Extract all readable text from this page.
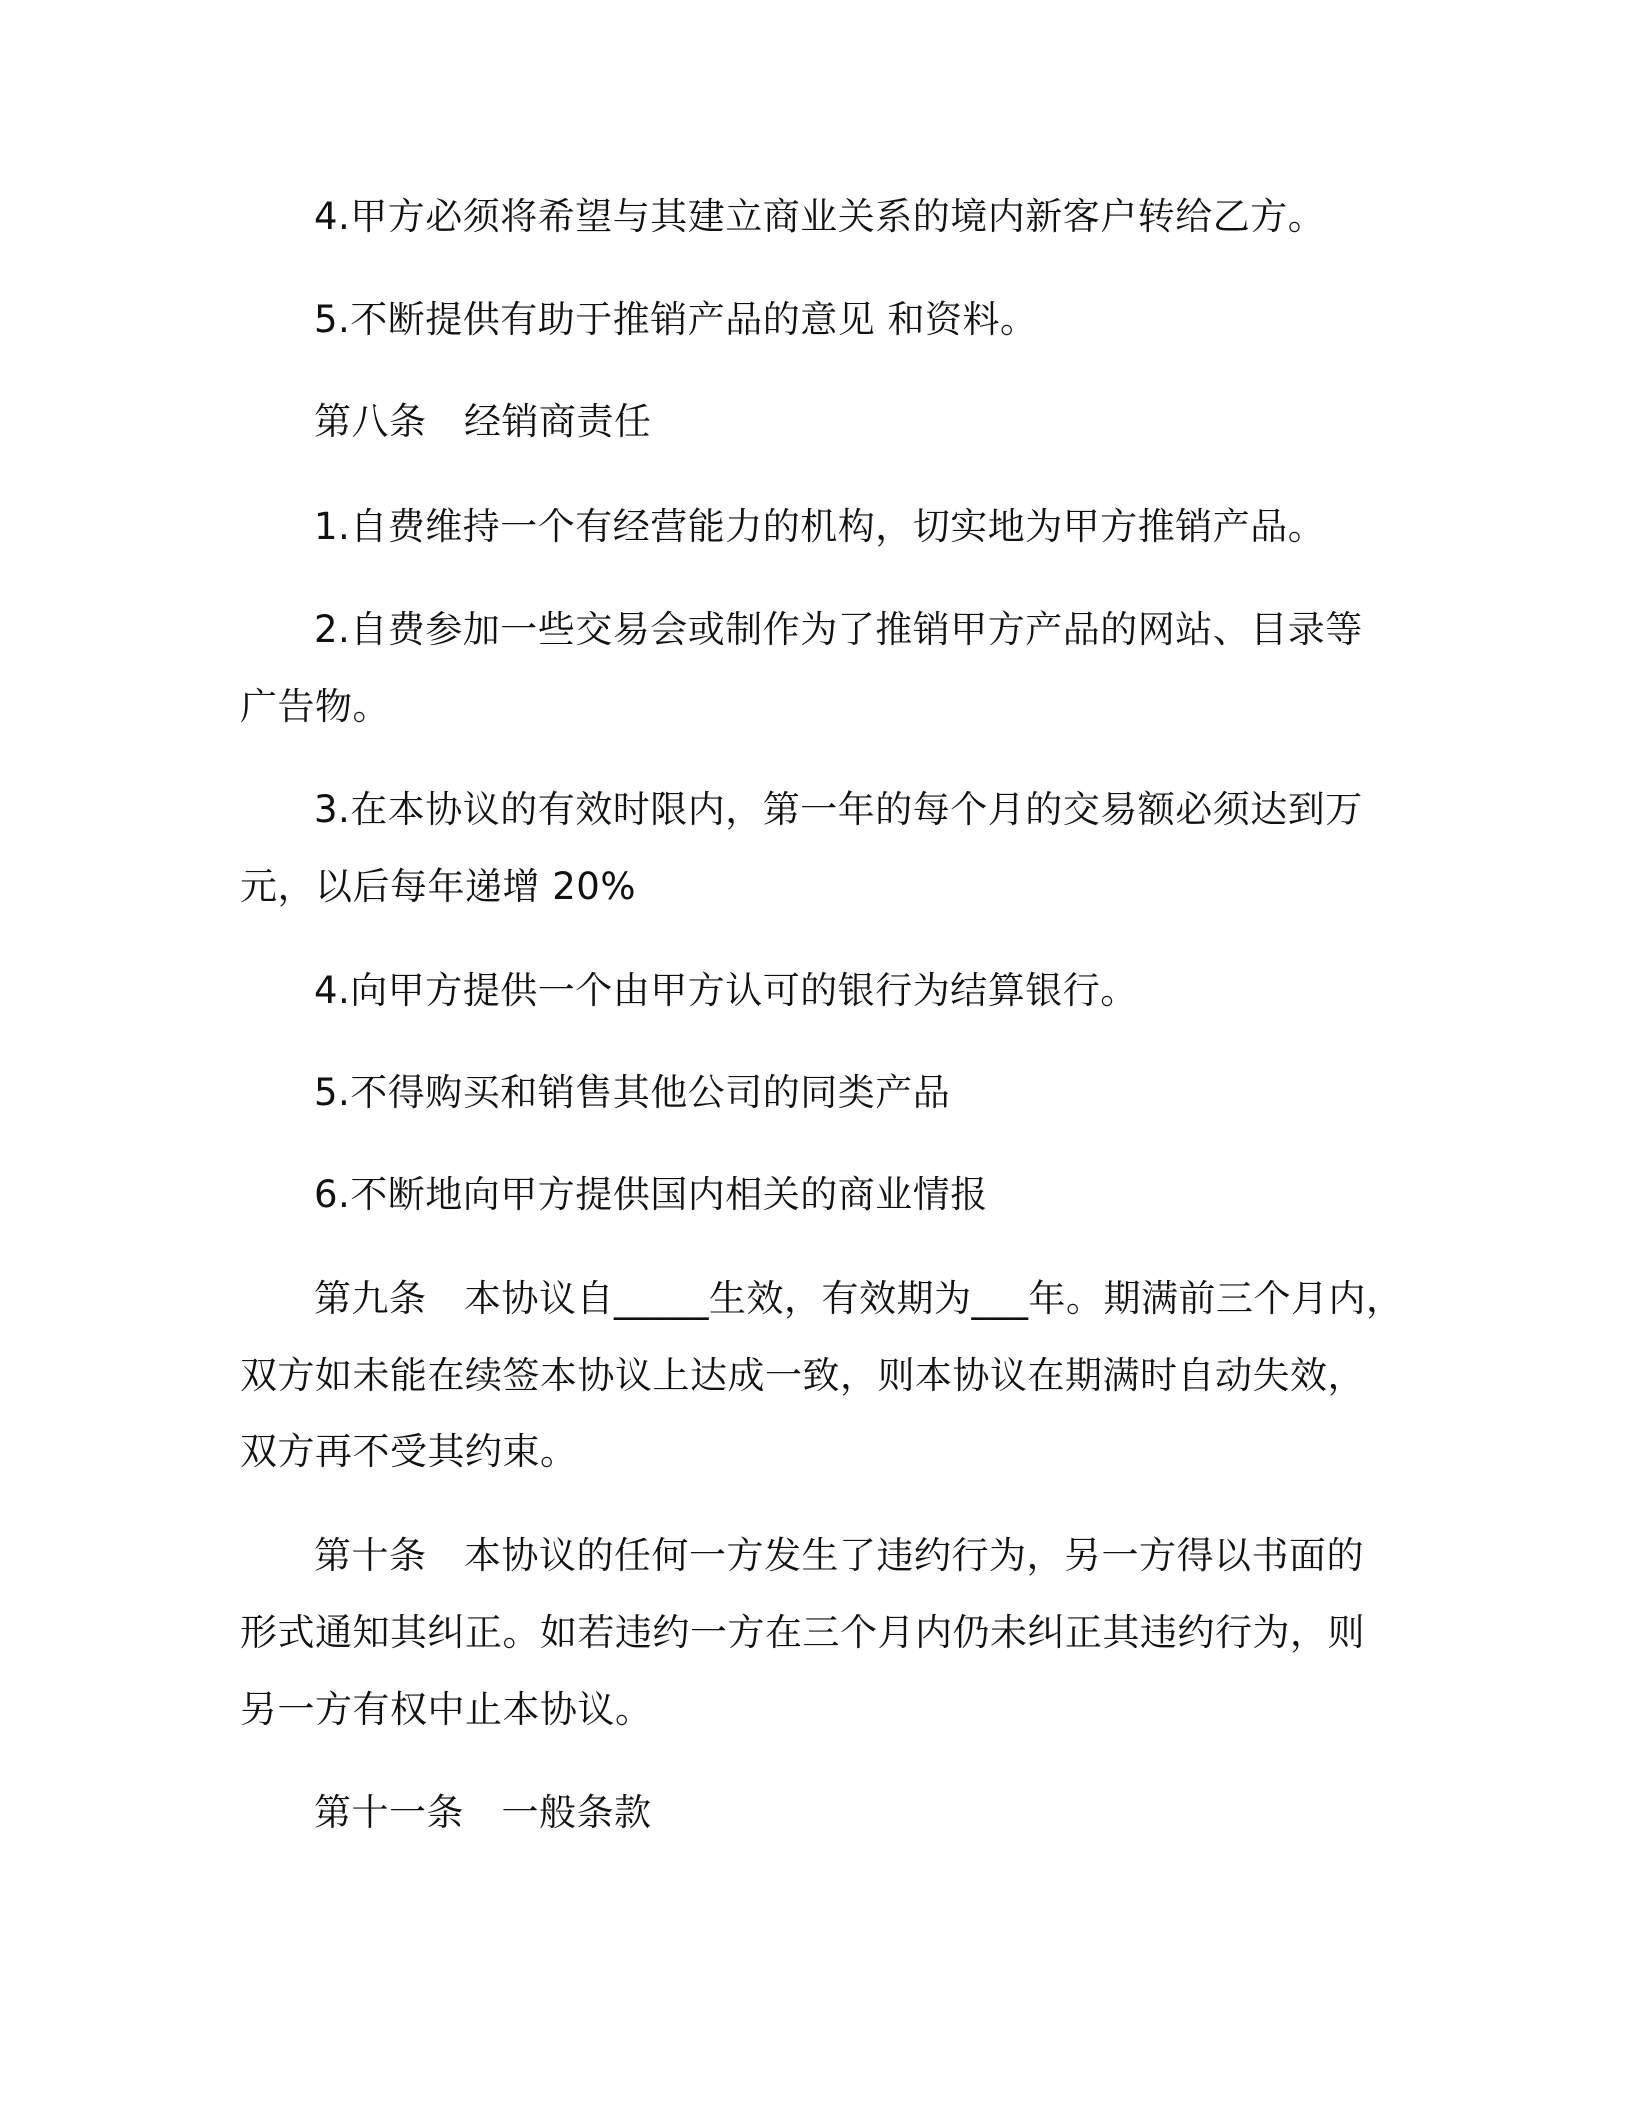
4.甲方必须将希望与其建立商业关系的境内新客户转给乙方。
5.不断提供有助于推销产品的意见 和资料。
第八条　经销商责任
1.自费维持一个有经营能力的机构，切实地为甲方推销产品。
2.自费参加一些交易会或制作为了推销甲方产品的网站、目录等
广告物。
3.在本协议的有效时限内，第一年的每个月的交易额必须达到万
元，以后每年递增 20%
4.向甲方提供一个由甲方认可的银行为结算银行。
5.不得购买和销售其他公司的同类产品
6.不断地向甲方提供国内相关的商业情报
第九条　本协议自_____生效，有效期为___年。期满前三个月内，
双方如未能在续签本协议上达成一致，则本协议在期满时自动失效，
双方再不受其约束。
第十条　本协议的任何一方发生了违约行为，另一方得以书面的
形式通知其纠正。如若违约一方在三个月内仍未纠正其违约行为，则
另一方有权中止本协议。
第十一条　一般条款
